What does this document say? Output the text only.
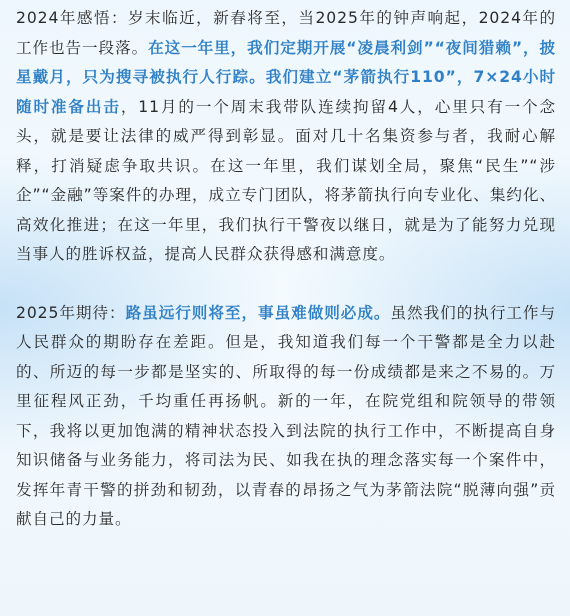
2024年感悟：岁末临近，新春将至，当2025年的钟声响起，2024年的工作也告一段落。在这一年里，我们定期开展“凌晨利剑”“夜间猎赖”，披星戴月，只为搜寻被执行人行踪。我们建立“茅箭执行110”，7×24小时随时准备出击，11月的一个周末我带队连续拘留4人，心里只有一个念头，就是要让法律的威严得到彰显。面对几十名集资参与者，我耐心解释，打消疑虑争取共识。在这一年里，我们谋划全局，聚焦“民生”“涉企”“金融”等案件的办理，成立专门团队，将茅箭执行向专业化、集约化、高效化推进；在这一年里，我们执行干警夜以继日，就是为了能努力兑现当事人的胜诉权益，提高人民群众获得感和满意度。

2025年期待：路虽远行则将至，事虽难做则必成。虽然我们的执行工作与人民群众的期盼存在差距。但是，我知道我们每一个干警都是全力以赴的、所迈的每一步都是坚实的、所取得的每一份成绩都是来之不易的。万里征程风正劲，千均重任再扬帆。新的一年，在院党组和院领导的带领下，我将以更加饱满的精神状态投入到法院的执行工作中，不断提高自身知识储备与业务能力，将司法为民、如我在执的理念落实每一个案件中，发挥年青干警的拼劲和韧劲，以青春的昂扬之气为茅箭法院“脱薄向强”贡献自己的力量。
